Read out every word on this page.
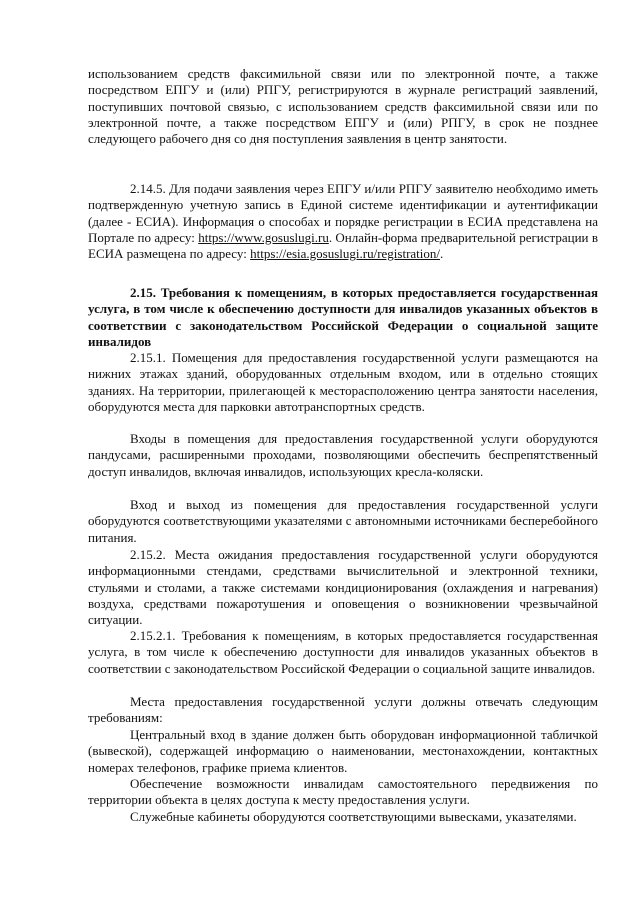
использованием средств факсимильной связи или по электронной почте, а также посредством ЕПГУ и (или) РПГУ, регистрируются в журнале регистраций заявлений, поступивших почтовой связью, с использованием средств факсимильной связи или по электронной почте, а также посредством ЕПГУ и (или) РПГУ, в срок не позднее следующего рабочего дня со дня поступления заявления в центр занятости.

2.14.5. Для подачи заявления через ЕПГУ и/или РПГУ заявителю необходимо иметь подтвержденную учетную запись в Единой системе идентификации и аутентификации (далее - ЕСИА). Информация о способах и порядке регистрации в ЕСИА представлена на Портале по адресу: https://www.gosuslugi.ru. Онлайн-форма предварительной регистрации в ЕСИА размещена по адресу: https://esia.gosuslugi.ru/registration/.

2.15. Требования к помещениям, в которых предоставляется государственная услуга, в том числе к обеспечению доступности для инвалидов указанных объектов в соответствии с законодательством Российской Федерации о социальной защите инвалидов

2.15.1. Помещения для предоставления государственной услуги размещаются на нижних этажах зданий, оборудованных отдельным входом, или в отдельно стоящих зданиях. На территории, прилегающей к месторасположению центра занятости населения, оборудуются места для парковки автотранспортных средств.

Входы в помещения для предоставления государственной услуги оборудуются пандусами, расширенными проходами, позволяющими обеспечить беспрепятственный доступ инвалидов, включая инвалидов, использующих кресла-коляски.

Вход и выход из помещения для предоставления государственной услуги оборудуются соответствующими указателями с автономными источниками бесперебойного питания.

2.15.2. Места ожидания предоставления государственной услуги оборудуются информационными стендами, средствами вычислительной и электронной техники, стульями и столами, а также системами кондиционирования (охлаждения и нагревания) воздуха, средствами пожаротушения и оповещения о возникновении чрезвычайной ситуации.

2.15.2.1. Требования к помещениям, в которых предоставляется государственная услуга, в том числе к обеспечению доступности для инвалидов указанных объектов в соответствии с законодательством Российской Федерации о социальной защите инвалидов.

Места предоставления государственной услуги должны отвечать следующим требованиям:

Центральный вход в здание должен быть оборудован информационной табличкой (вывеской), содержащей информацию о наименовании, местонахождении, контактных номерах телефонов, графике приема клиентов.

Обеспечение возможности инвалидам самостоятельного передвижения по территории объекта в целях доступа к месту предоставления услуги.

Служебные кабинеты оборудуются соответствующими вывесками, указателями.
